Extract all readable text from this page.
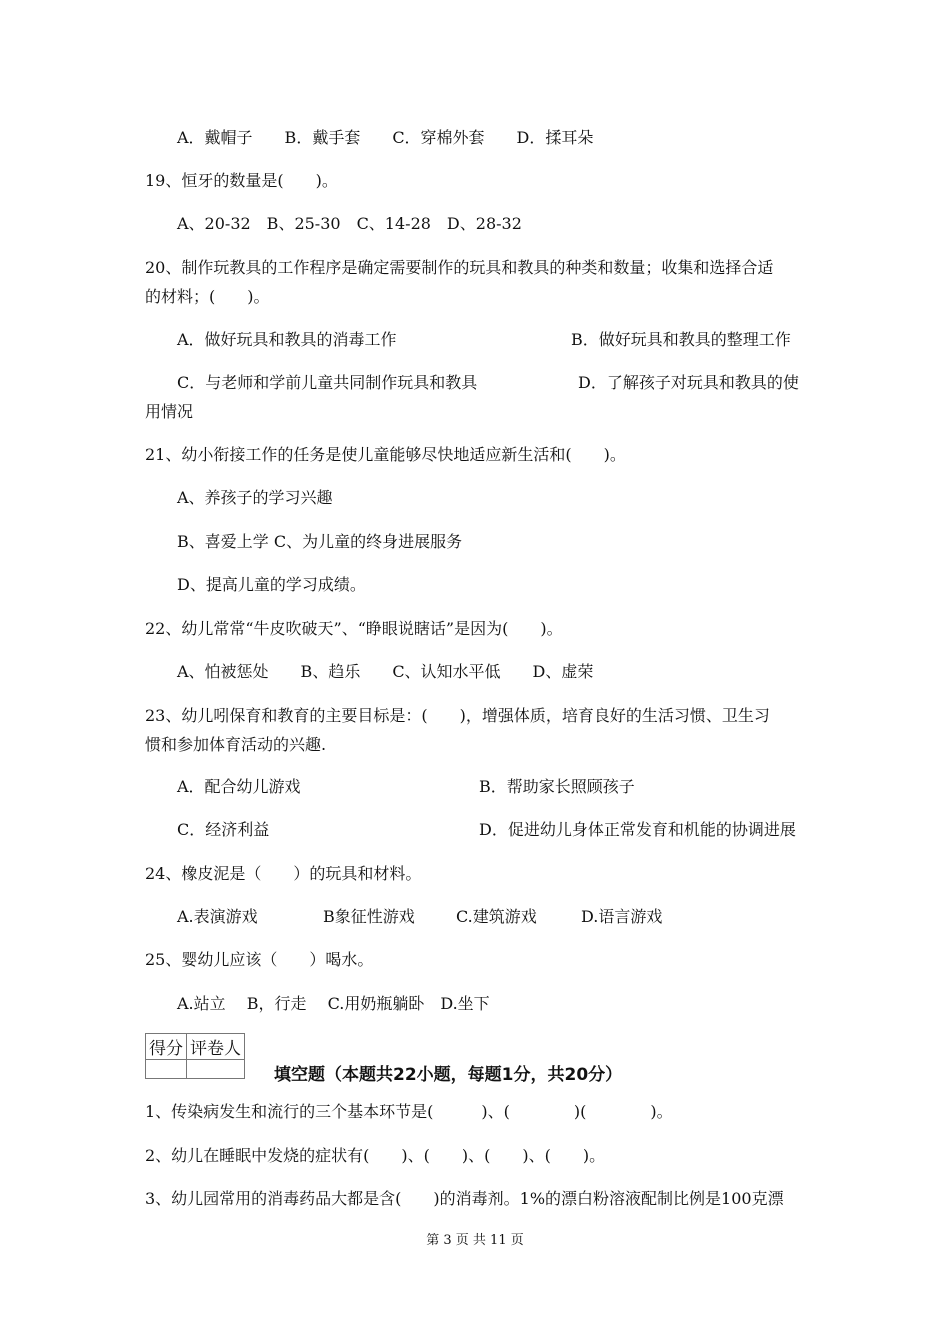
A．戴帽子　　B．戴手套　　C．穿棉外套　　D．揉耳朵
19、恒牙的数量是(　　)。
A、20-32　B、25-30　C、14-28　D、28-32
20、制作玩教具的工作程序是确定需要制作的玩具和教具的种类和数量；收集和选择合适
的材料；(　　)。
A．做好玩具和教具的消毒工作	B．做好玩具和教具的整理工作
C．与老师和学前儿童共同制作玩具和教具	D．了解孩子对玩具和教具的使
用情况
21、幼小衔接工作的任务是使儿童能够尽快地适应新生活和(　　)。
A、养孩子的学习兴趣
B、喜爱上学 C、为儿童的终身进展服务
D、提高儿童的学习成绩。
22、幼儿常常“牛皮吹破天”、“睁眼说瞎话”是因为(　　)。
A、怕被惩处　　B、趋乐　　C、认知水平低　　D、虚荣
23、幼儿吲保育和教育的主要目标是：(　　)，增强体质，培育良好的生活习惯、卫生习
惯和参加体育活动的兴趣.
A．配合幼儿游戏	B．帮助家长照顾孩子
C．经济利益	D．促进幼儿身体正常发育和机能的协调进展
24、橡皮泥是（　　）的玩具和材料。
A.表演游戏	B象征性游戏	C.建筑游戏	D.语言游戏
25、婴幼儿应该（　　）喝水。
A.站立　 B，行走　 C.用奶瓶躺卧　D.坐下
得分	评卷人

填空题（本题共22小题，每题1分，共20分）
1、传染病发生和流行的三个基本环节是(　　　)、(　　　　)(　　　　)。
2、幼儿在睡眠中发烧的症状有(　　)、(　　)、(　　)、(　　)。
3、幼儿园常用的消毒药品大都是含(　　)的消毒剂。1%的漂白粉溶液配制比例是100克漂
第 3 页 共 11 页
